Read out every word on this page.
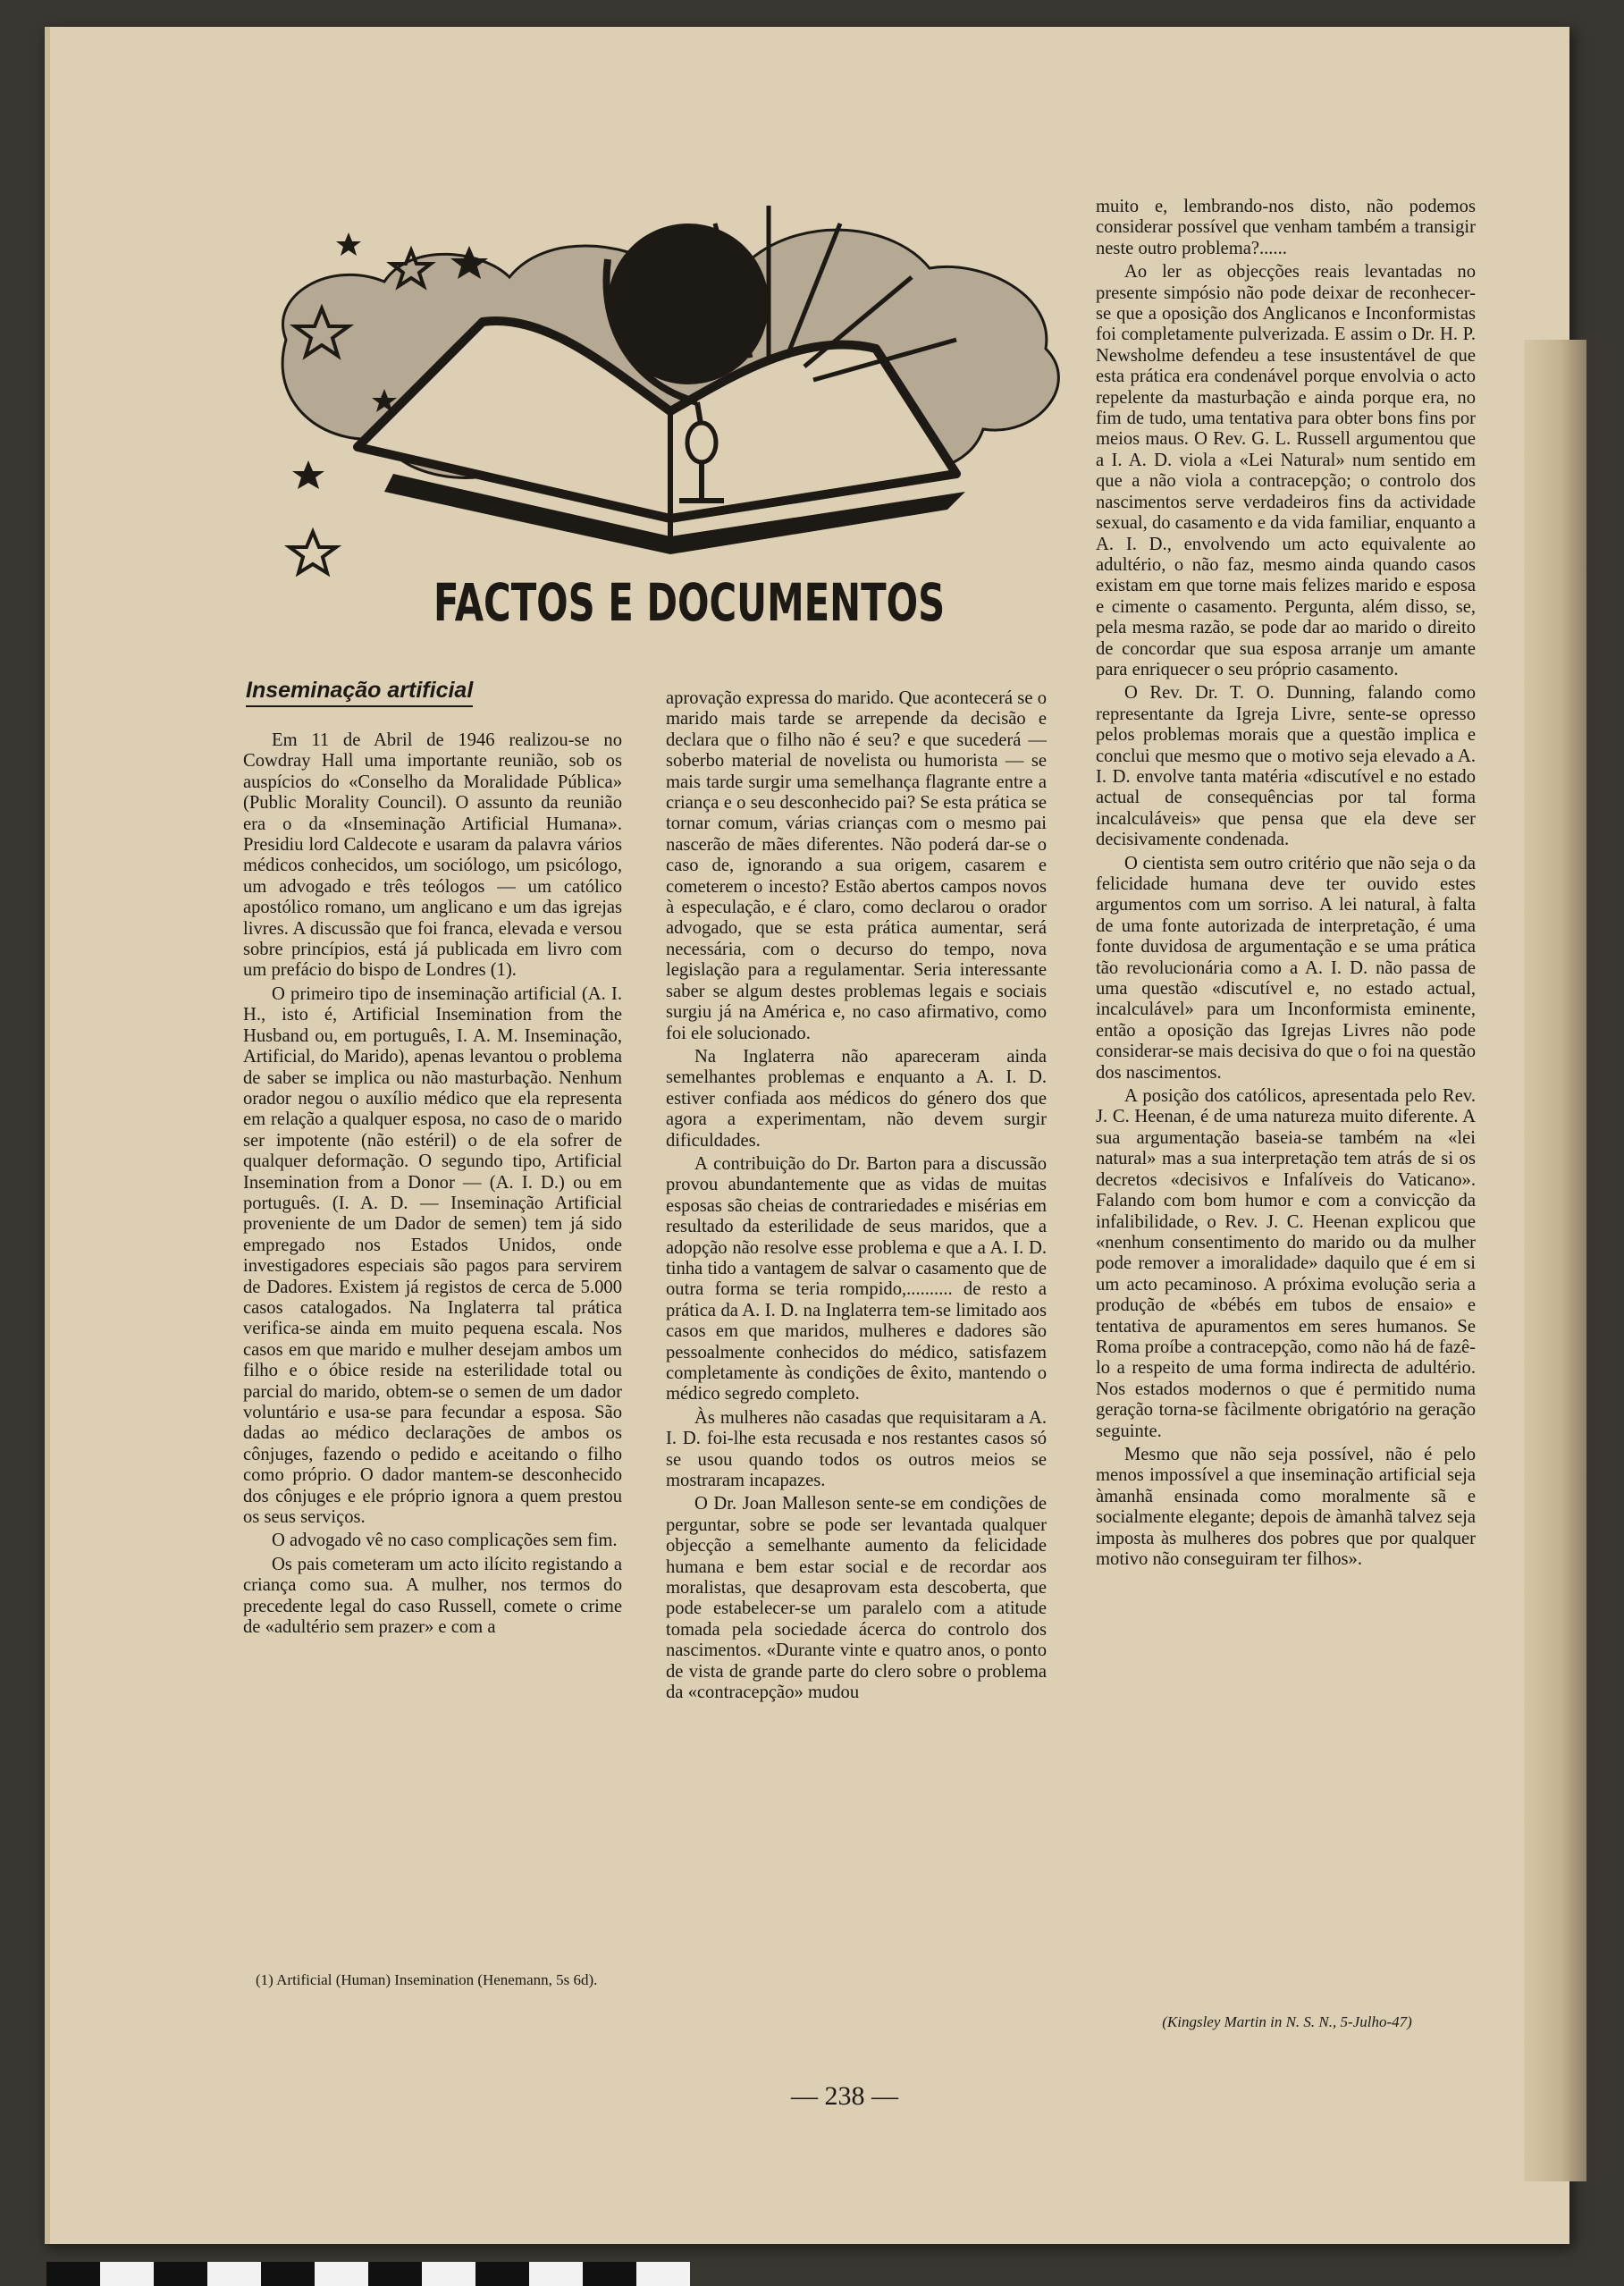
FACTOS E DOCUMENTOS
Inseminação artificial

Em 11 de Abril de 1946 realizou-se no Cowdray Hall uma importante reunião, sob os auspícios do «Conselho da Moralidade Pública» (Public Morality Council). O assunto da reunião era o da «Inseminação Artificial Humana». Presidiu lord Caldecote e usaram da palavra vários médicos conhecidos, um sociólogo, um psicólogo, um advogado e três teólogos — um católico apostólico romano, um anglicano e um das igrejas livres. A discussão que foi franca, elevada e versou sobre princípios, está já publicada em livro com um prefácio do bispo de Londres (1).

O primeiro tipo de inseminação artificial (A. I. H., isto é, Artificial Insemination from the Husband ou, em português, I. A. M. Inseminação, Artificial, do Marido), apenas levantou o problema de saber se implica ou não masturbação. Nenhum orador negou o auxílio médico que ela representa em relação a qualquer esposa, no caso de o marido ser impotente (não estéril) o de ela sofrer de qualquer deformação. O segundo tipo, Artificial Insemination from a Donor — (A. I. D.) ou em português. (I. A. D. — Inseminação Artificial proveniente de um Dador de semen) tem já sido empregado nos Estados Unidos, onde investigadores especiais são pagos para servirem de Dadores. Existem já registos de cerca de 5.000 casos catalogados. Na Inglaterra tal prática verifica-se ainda em muito pequena escala. Nos casos em que marido e mulher desejam ambos um filho e o óbice reside na esterilidade total ou parcial do marido, obtem-se o semen de um dador voluntário e usa-se para fecundar a esposa. São dadas ao médico declarações de ambos os cônjuges, fazendo o pedido e aceitando o filho como próprio. O dador mantem-se desconhecido dos cônjuges e ele próprio ignora a quem prestou os seus serviços.

O advogado vê no caso complicações sem fim.

Os pais cometeram um acto ilícito registando a criança como sua. A mulher, nos termos do precedente legal do caso Russell, comete o crime de «adultério sem prazer» e com a

(1) Artificial (Human) Insemination (Henemann, 5s 6d).

aprovação expressa do marido. Que acontecerá se o marido mais tarde se arrepende da decisão e declara que o filho não é seu? e que sucederá — soberbo material de novelista ou humorista — se mais tarde surgir uma semelhança flagrante entre a criança e o seu desconhecido pai? Se esta prática se tornar comum, várias crianças com o mesmo pai nascerão de mães diferentes. Não poderá dar-se o caso de, ignorando a sua origem, casarem e cometerem o incesto? Estão abertos campos novos à especulação, e é claro, como declarou o orador advogado, que se esta prática aumentar, será necessária, com o decurso do tempo, nova legislação para a regulamentar. Seria interessante saber se algum destes problemas legais e sociais surgiu já na América e, no caso afirmativo, como foi ele solucionado.

Na Inglaterra não apareceram ainda semelhantes problemas e enquanto a A. I. D. estiver confiada aos médicos do género dos que agora a experimentam, não devem surgir dificuldades.

A contribuição do Dr. Barton para a discussão provou abundantemente que as vidas de muitas esposas são cheias de contrariedades e misérias em resultado da esterilidade de seus maridos, que a adopção não resolve esse problema e que a A. I. D. tinha tido a vantagem de salvar o casamento que de outra forma se teria rompido,.......... de resto a prática da A. I. D. na Inglaterra tem-se limitado aos casos em que maridos, mulheres e dadores são pessoalmente conhecidos do médico, satisfazem completamente às condições de êxito, mantendo o médico segredo completo.

Às mulheres não casadas que requisitaram a A. I. D. foi-lhe esta recusada e nos restantes casos só se usou quando todos os outros meios se mostraram incapazes.

O Dr. Joan Malleson sente-se em condições de perguntar, sobre se pode ser levantada qualquer objecção a semelhante aumento da felicidade humana e bem estar social e de recordar aos moralistas, que desaprovam esta descoberta, que pode estabelecer-se um paralelo com a atitude tomada pela sociedade ácerca do controlo dos nascimentos. «Durante vinte e quatro anos, o ponto de vista de grande parte do clero sobre o problema da «contracepção» mudou

muito e, lembrando-nos disto, não podemos considerar possível que venham também a transigir neste outro problema?......

Ao ler as objecções reais levantadas no presente simpósio não pode deixar de reconhecer-se que a oposição dos Anglicanos e Inconformistas foi completamente pulverizada. E assim o Dr. H. P. Newsholme defendeu a tese insustentável de que esta prática era condenável porque envolvia o acto repelente da masturbação e ainda porque era, no fim de tudo, uma tentativa para obter bons fins por meios maus. O Rev. G. L. Russell argumentou que a I. A. D. viola a «Lei Natural» num sentido em que a não viola a contracepção; o controlo dos nascimentos serve verdadeiros fins da actividade sexual, do casamento e da vida familiar, enquanto a A. I. D., envolvendo um acto equivalente ao adultério, o não faz, mesmo ainda quando casos existam em que torne mais felizes marido e esposa e cimente o casamento. Pergunta, além disso, se, pela mesma razão, se pode dar ao marido o direito de concordar que sua esposa arranje um amante para enriquecer o seu próprio casamento.

O Rev. Dr. T. O. Dunning, falando como representante da Igreja Livre, sente-se opresso pelos problemas morais que a questão implica e conclui que mesmo que o motivo seja elevado a A. I. D. envolve tanta matéria «discutível e no estado actual de consequências por tal forma incalculáveis» que pensa que ela deve ser decisivamente condenada.

O cientista sem outro critério que não seja o da felicidade humana deve ter ouvido estes argumentos com um sorriso. A lei natural, à falta de uma fonte autorizada de interpretação, é uma fonte duvidosa de argumentação e se uma prática tão revolucionária como a A. I. D. não passa de uma questão «discutível e, no estado actual, incalculável» para um Inconformista eminente, então a oposição das Igrejas Livres não pode considerar-se mais decisiva do que o foi na questão dos nascimentos.

A posição dos católicos, apresentada pelo Rev. J. C. Heenan, é de uma natureza muito diferente. A sua argumentação baseia-se também na «lei natural» mas a sua interpretação tem atrás de si os decretos «decisivos e Infalíveis do Vaticano». Falando com bom humor e com a convicção da infalibilidade, o Rev. J. C. Heenan explicou que «nenhum consentimento do marido ou da mulher pode remover a imoralidade» daquilo que é em si um acto pecaminoso. A próxima evolução seria a produção de «bébés em tubos de ensaio» e tentativa de apuramentos em seres humanos. Se Roma proíbe a contracepção, como não há de fazê-lo a respeito de uma forma indirecta de adultério. Nos estados modernos o que é permitido numa geração torna-se fàcilmente obrigatório na geração seguinte.

Mesmo que não seja possível, não é pelo menos impossível a que inseminação artificial seja àmanhã ensinada como moralmente sã e socialmente elegante; depois de àmanhã talvez seja imposta às mulheres dos pobres que por qualquer motivo não conseguiram ter filhos».

(Kingsley Martin in N. S. N., 5-Julho-47)
— 238 —
